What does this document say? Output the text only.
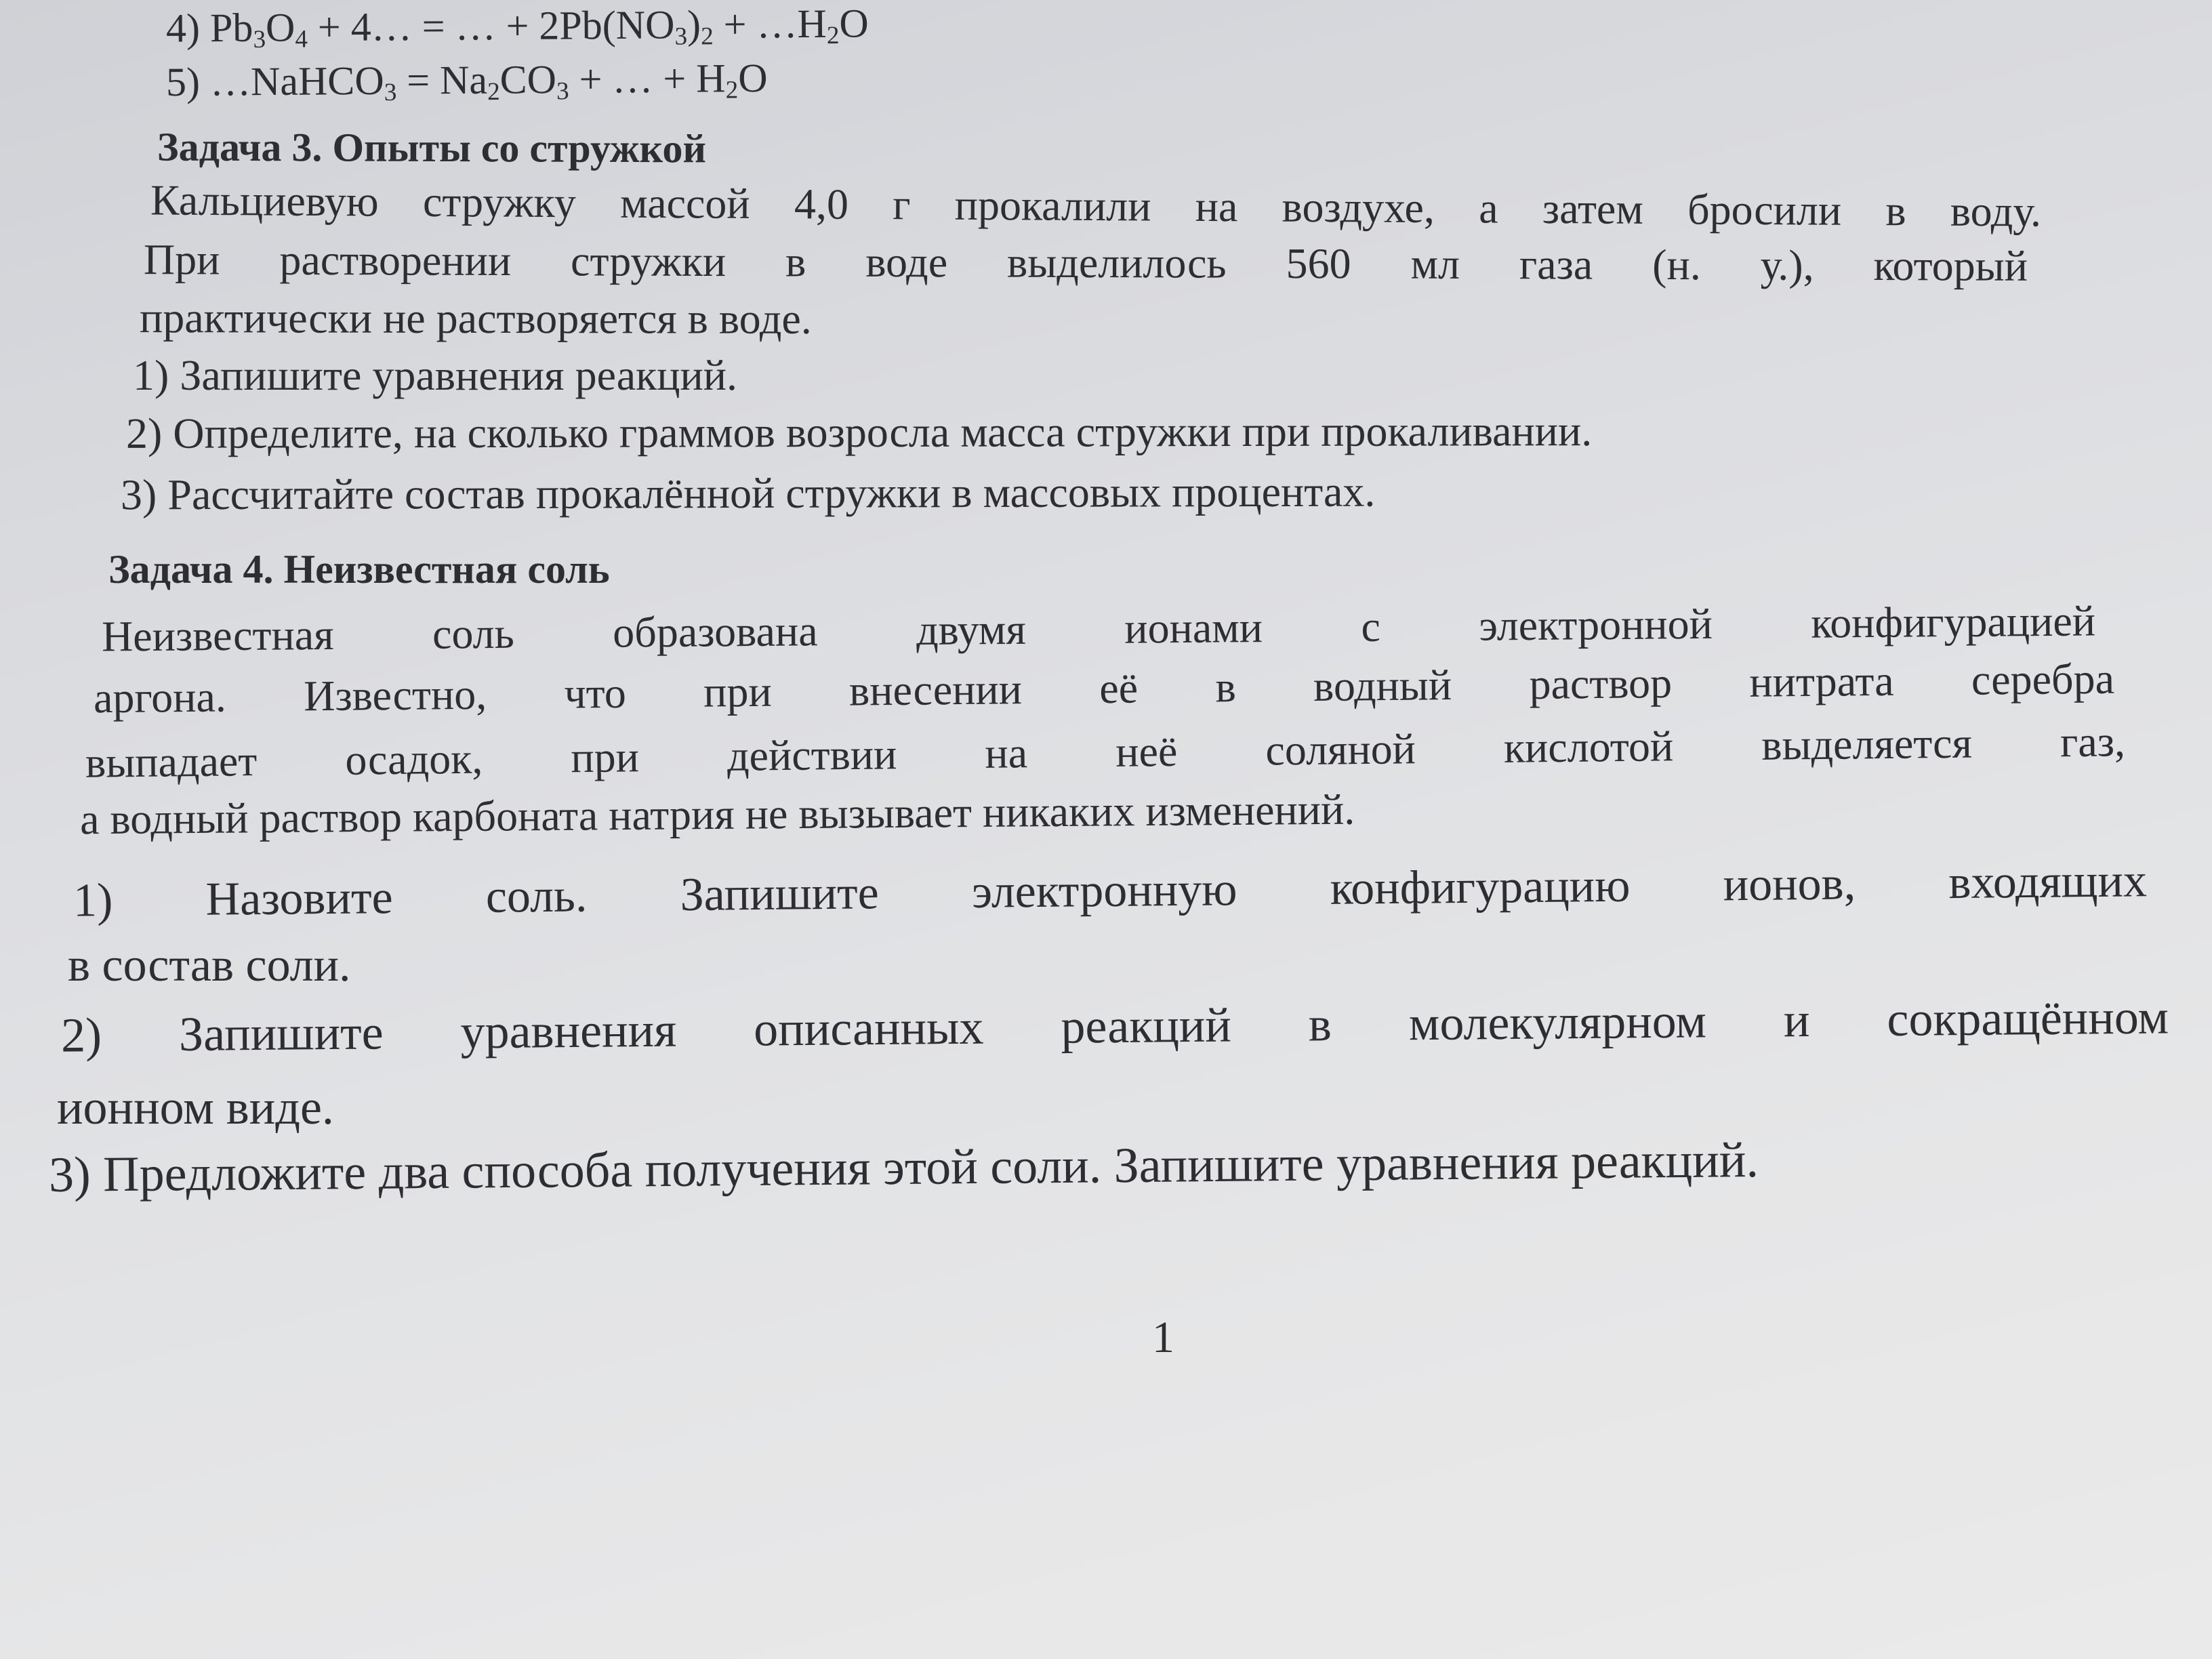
4) $Pb_3O_4$ + 4… = … + $2Pb(NO_3)_2$ + $\dots H_2O$
5) …NaHCO$_3$ = $Na_2CO_3$ + … + $H_2O$
Задача 3. Опыты со стружкой
Кальциевую стружку массой 4,0 г прокалили на воздухе, а затем бросили в воду.
При растворении стружки в воде выделилось 560 мл газа (н. у.), который
практически не растворяется в воде.
1) Запишите уравнения реакций.
2) Определите, на сколько граммов возросла масса стружки при прокаливании.
3) Рассчитайте состав прокалённой стружки в массовых процентах.
Задача 4. Неизвестная соль
Неизвестная соль образована двумя ионами с электронной конфигурацией
аргона. Известно, что при внесении её в водный раствор нитрата серебра
выпадает осадок, при действии на неё соляной кислотой выделяется газ,
а водный раствор карбоната натрия не вызывает никаких изменений.
1) Назовите соль. Запишите электронную конфигурацию ионов, входящих
в состав соли.
2) Запишите уравнения описанных реакций в молекулярном и сокращённом
ионном виде.
3) Предложите два способа получения этой соли. Запишите уравнения реакций.
1
